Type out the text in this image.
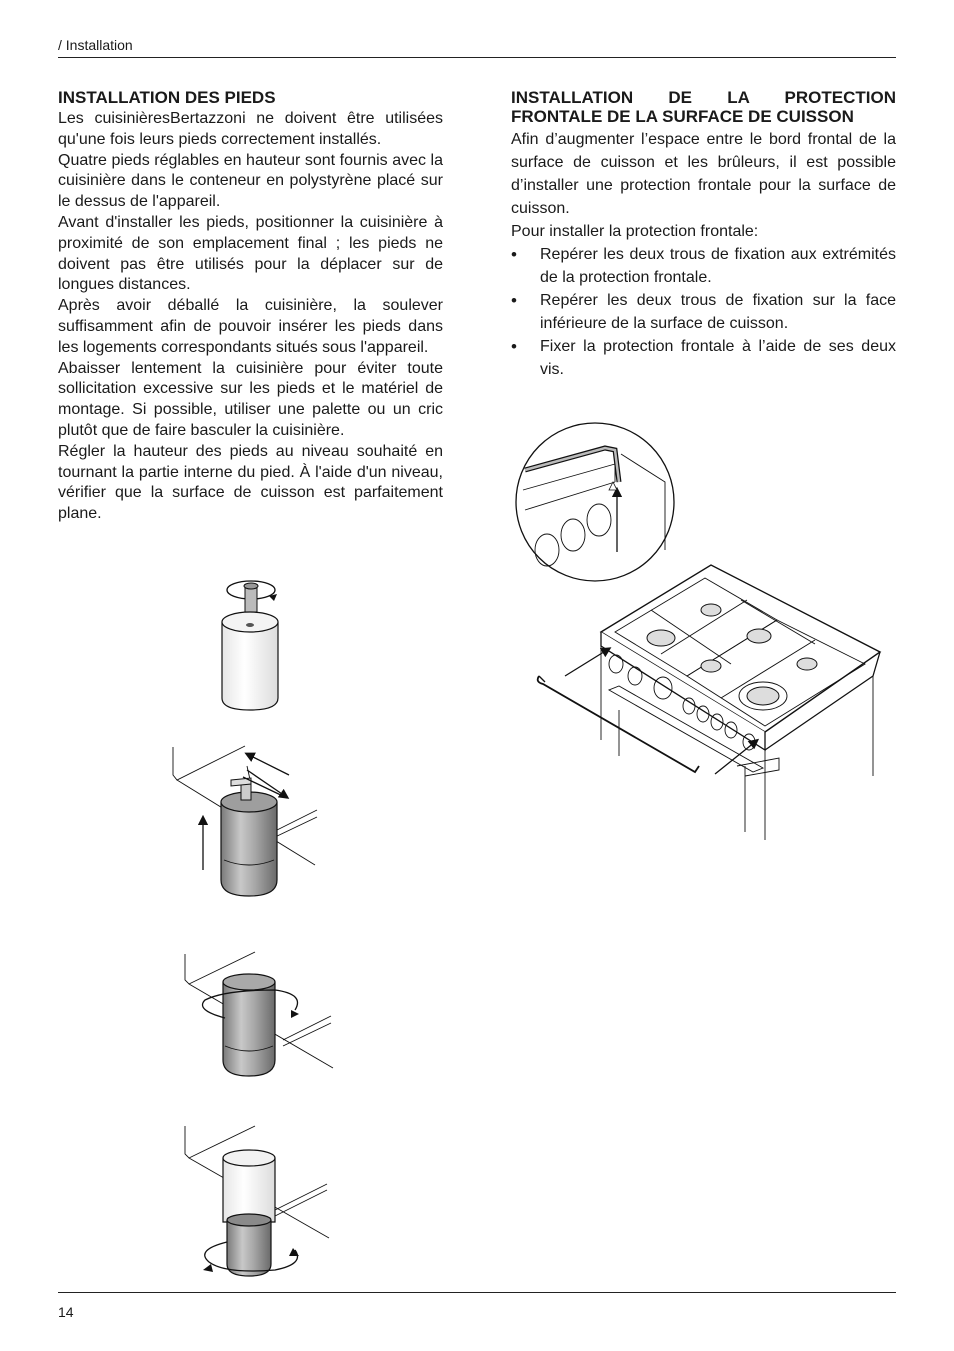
/ Installation
INSTALLATION DES PIEDS

Les cuisinièresBertazzoni ne doivent être utilisées qu'une fois leurs pieds correctement installés.

Quatre pieds réglables en hauteur sont fournis avec la cuisinière dans le conteneur en polystyrène placé sur le dessus de l'appareil.

Avant d'installer les pieds, positionner la cuisinière à proximité de son emplacement final ; les pieds ne doivent pas être utilisés pour la déplacer sur de longues distances.

Après avoir déballé la cuisinière, la soulever suffisamment afin de pouvoir insérer les pieds dans les logements correspondants situés sous l'appareil.

Abaisser lentement la cuisinière pour éviter toute sollicitation excessive sur les pieds et le matériel de montage. Si possible, utiliser une palette ou un cric plutôt que de faire basculer la cuisinière.

Régler la hauteur des pieds au niveau souhaité en tournant la partie interne du pied. À l'aide d'un niveau, vérifier que la surface de cuisson est parfaitement plane.

INSTALLATION DE LA PROTECTION FRONTALE DE LA SURFACE DE CUISSON

Afin d’augmenter l’espace entre le bord frontal de la surface de cuisson et les brûleurs, il est possible d’installer une protection frontale pour la surface de cuisson.

Pour installer la protection frontale:

• Repérer les deux trous de fixation aux extrémités de la protection frontale.
• Repérer les deux trous de fixation sur la face inférieure de la surface de cuisson.
• Fixer la protection frontale à l’aide de ses deux vis.
14
